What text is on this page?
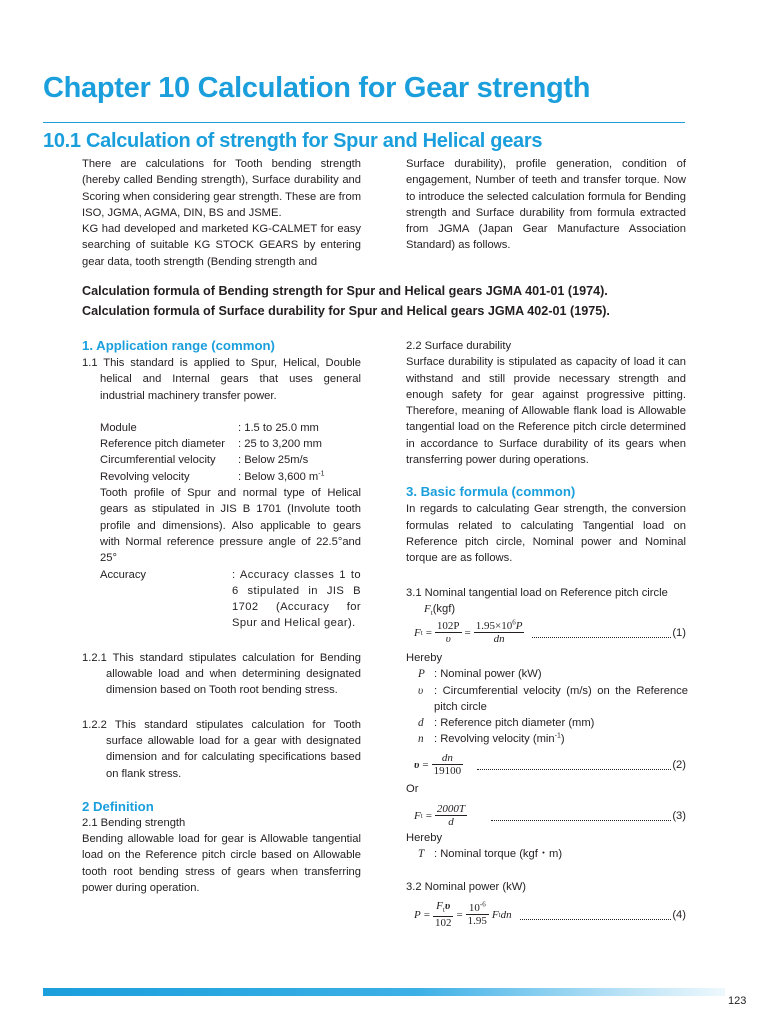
Chapter 10 Calculation for Gear strength
10.1 Calculation of strength for Spur and Helical gears

There are calculations for Tooth bending strength (hereby called Bending strength), Surface durability and Scoring when considering gear strength. These are from ISO, JGMA, AGMA, DIN, BS and JSME.

KG had developed and marketed KG-CALMET for easy searching of suitable KG STOCK GEARS by entering gear data, tooth strength (Bending strength and

Surface durability), profile generation, condition of engagement, Number of teeth and transfer torque. Now to introduce the selected calculation formula for Bending strength and Surface durability from formula extracted from JGMA (Japan Gear Manufacture Association Standard) as follows.

Calculation formula of Bending strength for Spur and Helical gears JGMA 401-01 (1974).

Calculation formula of Surface durability for Spur and Helical gears JGMA 402-01 (1975).

1. Application range (common)

1.1 This standard is applied to Spur, Helical, Double helical and Internal gears that uses general industrial machinery transfer power.

Module	: 1.5 to 25.0 mm
Reference pitch diameter : 25 to 3,200 mm
Circumferential velocity : Below 25m/s
Revolving velocity	: Below 3,600 $m^{-1}$

Tooth profile of Spur and normal type of Helical gears as stipulated in JIS B 1701 (Involute tooth profile and dimensions). Also applicable to gears with Normal reference pressure angle of 22.5°and 25°

Accuracy	: Accuracy classes 1 to 6 stipulated in JIS B 1702 (Accuracy for Spur and Helical gear).

1.2.1 This standard stipulates calculation for Bending allowable load and when determining designated dimension based on Tooth root bending stress.

1.2.2 This standard stipulates calculation for Tooth surface allowable load for a gear with designated dimension and for calculating specifications based on flank stress.

2 Definition

2.1 Bending strength

Bending allowable load for gear is Allowable tangential load on the Reference pitch circle based on Allowable tooth root bending stress of gears when transferring power during operation.

2.2 Surface durability

Surface durability is stipulated as capacity of load it can withstand and still provide necessary strength and enough safety for gear against progressive pitting. Therefore, meaning of Allowable flank load is Allowable tangential load on the Reference pitch circle determined in accordance to Surface durability of its gears when transferring power during operations.

3. Basic formula (common)

In regards to calculating Gear strength, the conversion formulas related to calculating Tangential load on Reference pitch circle, Nominal power and Nominal torque are as follows.

3.1 Nominal tangential load on Reference pitch circle

$F_t(kgf)$
F $t = \frac{102P}{\upsilon} = \frac{1.95\times 10^6P}{dn}$	(1)

Hereby

P : Nominal power (kW)
υ : Circumferential velocity (m/s) on the Reference pitch circle
d : Reference pitch diameter (mm)
n : Revolving velocity $(\min^{-1})$
$\upsilon = \frac{dn}{19100}$	(2)

Or

F $t = \frac{2000T}{d}$	(3)

Hereby

T : Nominal torque (kgf・m)

3.2 Nominal power (kW)

$P = \frac{F_t\upsilon}{102} = \frac{10^{-6}}{1.95}$ F t dn	(4)
123
